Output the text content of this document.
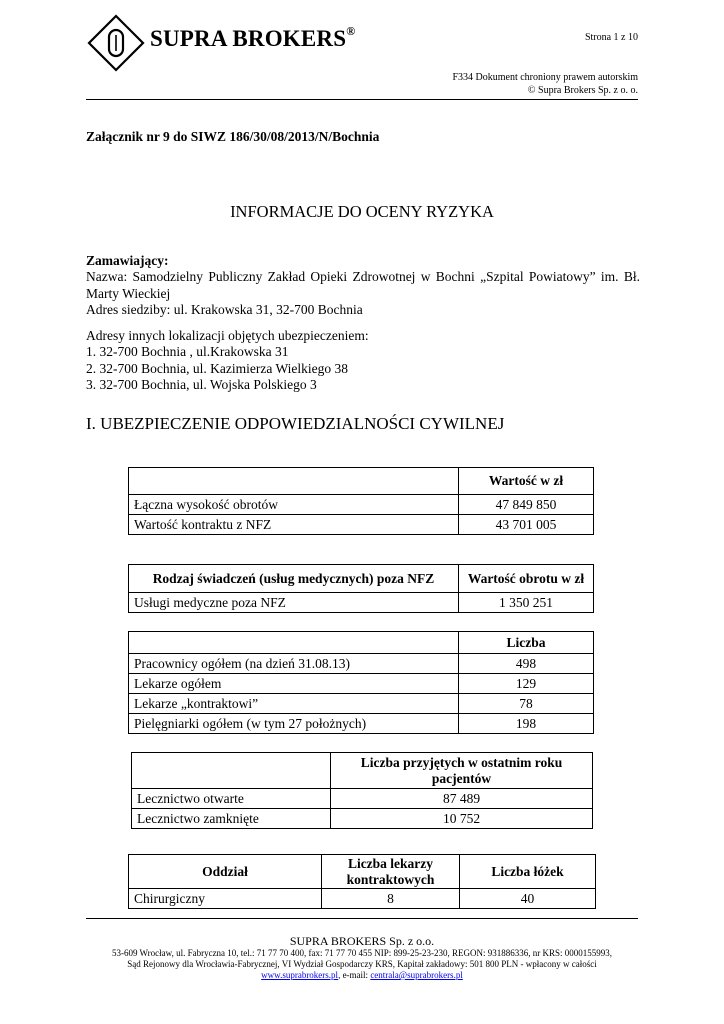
SUPRA BROKERS®	Strona 1 z 10
F334 Dokument chroniony prawem autorskim
© Supra Brokers Sp. z o. o.
Załącznik nr 9 do SIWZ 186/30/08/2013/N/Bochnia
INFORMACJE DO OCENY RYZYKA
Zamawiający:
Nazwa: Samodzielny Publiczny Zakład Opieki Zdrowotnej w Bochni „Szpital Powiatowy” im. Bł. Marty Wieckiej
Adres siedziby: ul. Krakowska 31, 32-700 Bochnia
Adresy innych lokalizacji objętych ubezpieczeniem:
1. 32-700 Bochnia , ul.Krakowska 31
2. 32-700 Bochnia, ul. Kazimierza Wielkiego 38
3. 32-700 Bochnia, ul. Wojska Polskiego 3
I. UBEZPIECZENIE ODPOWIEDZIALNOŚCI CYWILNEJ
	Wartość w zł
Łączna wysokość obrotów	47 849 850
Wartość kontraktu z NFZ	43 701 005
Rodzaj świadczeń (usług medycznych) poza NFZ	Wartość obrotu w zł
Usługi medyczne poza NFZ	1 350 251
	Liczba
Pracownicy ogółem (na dzień 31.08.13)	498
Lekarze ogółem	129
Lekarze „kontraktowi”	78
Pielęgniarki ogółem (w tym 27 położnych)	198
	Liczba przyjętych w ostatnim roku pacjentów
Lecznictwo otwarte	87 489
Lecznictwo zamknięte	10 752
Oddział	Liczba lekarzy kontraktowych	Liczba łóżek
Chirurgiczny	8	40
SUPRA BROKERS Sp. z o.o.
53-609 Wrocław, ul. Fabryczna 10, tel.: 71 77 70 400, fax: 71 77 70 455 NIP: 899-25-23-230, REGON: 931886336, nr KRS: 0000155993,
Sąd Rejonowy dla Wrocławia-Fabrycznej, VI Wydział Gospodarczy KRS, Kapitał zakładowy: 501 800 PLN - wpłacony w całości
www.suprabrokers.pl, e-mail: centrala@suprabrokers.pl
